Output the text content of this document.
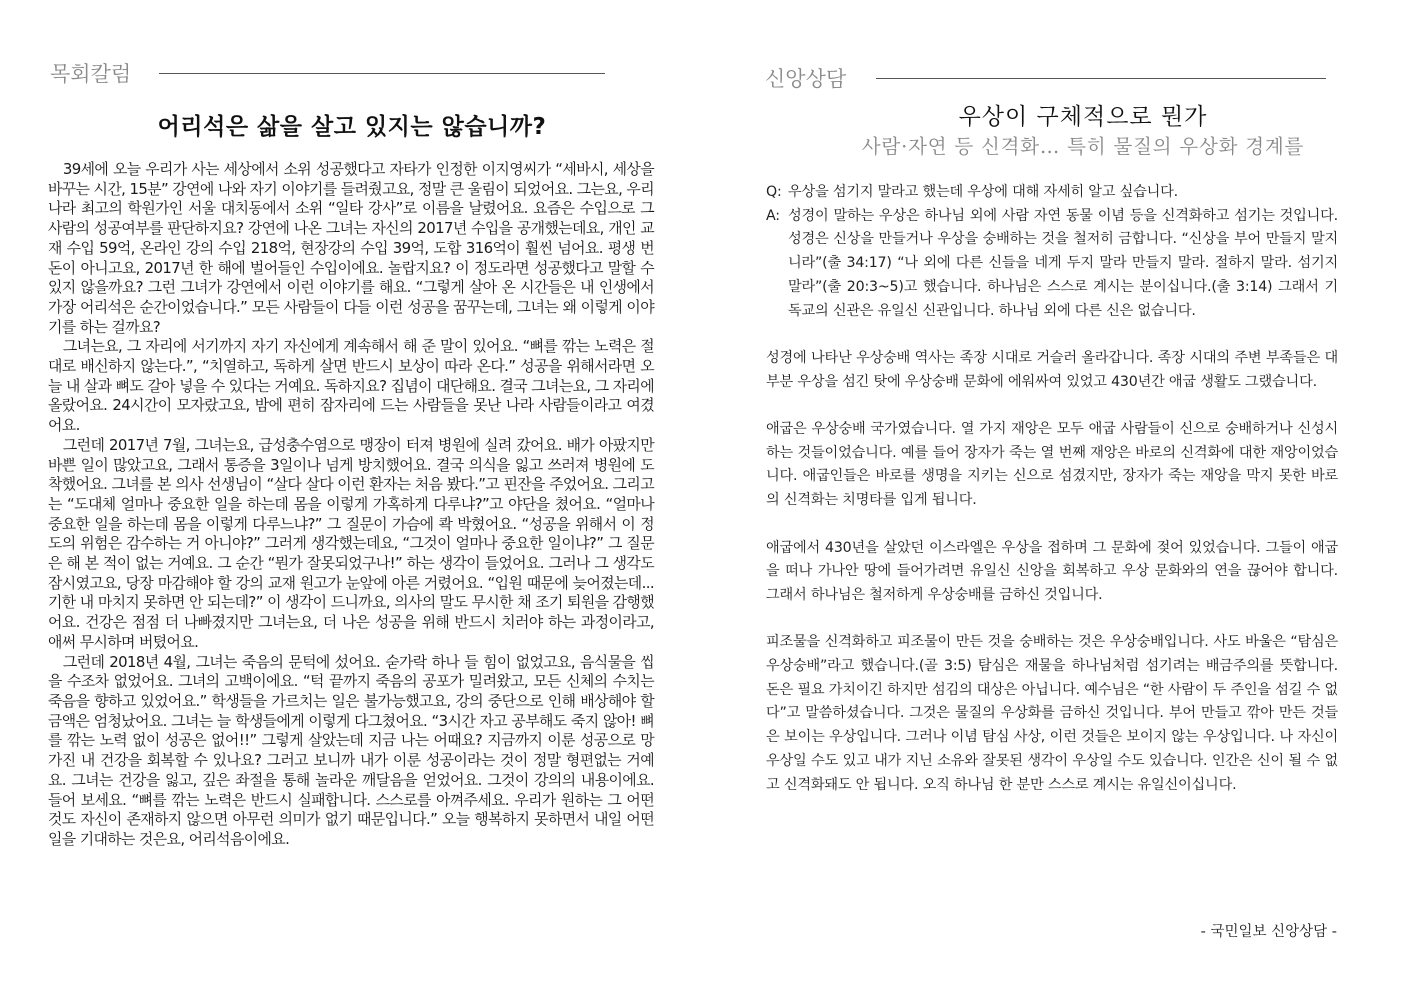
목회칼럼
어리석은 삶을 살고 있지는 않습니까?

39세에 오늘 우리가 사는 세상에서 소위 성공했다고 자타가 인정한 이지영씨가 “세바시, 세상을 바꾸는 시간, 15분” 강연에 나와 자기 이야기를 들려줬고요, 정말 큰 울림이 되었어요. 그는요, 우리나라 최고의 학원가인 서울 대치동에서 소위 “일타 강사”로 이름을 날렸어요. 요즘은 수입으로 그 사람의 성공여부를 판단하지요? 강연에 나온 그녀는 자신의 2017년 수입을 공개했는데요, 개인 교재 수입 59억, 온라인 강의 수입 218억, 현장강의 수입 39억, 도합 316억이 훨씬 넘어요. 평생 번 돈이 아니고요, 2017년 한 해에 벌어들인 수입이에요. 놀랍지요? 이 정도라면 성공했다고 말할 수 있지 않을까요? 그런 그녀가 강연에서 이런 이야기를 해요. “그렇게 살아 온 시간들은 내 인생에서 가장 어리석은 순간이었습니다.” 모든 사람들이 다들 이런 성공을 꿈꾸는데, 그녀는 왜 이렇게 이야기를 하는 걸까요?

그녀는요, 그 자리에 서기까지 자기 자신에게 계속해서 해 준 말이 있어요. “뼈를 깎는 노력은 절대로 배신하지 않는다.”, “치열하고, 독하게 살면 반드시 보상이 따라 온다.” 성공을 위해서라면 오늘 내 살과 뼈도 갈아 넣을 수 있다는 거예요. 독하지요? 집념이 대단해요. 결국 그녀는요, 그 자리에 올랐어요. 24시간이 모자랐고요, 밤에 편히 잠자리에 드는 사람들을 못난 나라 사람들이라고 여겼어요.

그런데 2017년 7월, 그녀는요, 급성충수염으로 맹장이 터져 병원에 실려 갔어요. 배가 아팠지만 바쁜 일이 많았고요, 그래서 통증을 3일이나 넘게 방치했어요. 결국 의식을 잃고 쓰러져 병원에 도착했어요. 그녀를 본 의사 선생님이 “살다 살다 이런 환자는 처음 봤다.”고 핀잔을 주었어요. 그리고는 “도대체 얼마나 중요한 일을 하는데 몸을 이렇게 가혹하게 다루냐?”고 야단을 쳤어요. “얼마나 중요한 일을 하는데 몸을 이렇게 다루느냐?” 그 질문이 가슴에 콱 박혔어요. “성공을 위해서 이 정도의 위험은 감수하는 거 아니야?” 그러게 생각했는데요, “그것이 얼마나 중요한 일이냐?” 그 질문은 해 본 적이 없는 거예요. 그 순간 “뭔가 잘못되었구나!” 하는 생각이 들었어요. 그러나 그 생각도 잠시였고요, 당장 마감해야 할 강의 교재 원고가 눈앞에 아른 거렸어요. “입원 때문에 늦어졌는데... 기한 내 마치지 못하면 안 되는데?” 이 생각이 드니까요, 의사의 말도 무시한 채 조기 퇴원을 감행했어요. 건강은 점점 더 나빠졌지만 그녀는요, 더 나은 성공을 위해 반드시 치러야 하는 과정이라고, 애써 무시하며 버텼어요.

그런데 2018년 4월, 그녀는 죽음의 문턱에 섰어요. 숟가락 하나 들 힘이 없었고요, 음식물을 씹을 수조차 없었어요. 그녀의 고백이에요. “턱 끝까지 죽음의 공포가 밀려왔고, 모든 신체의 수치는 죽음을 향하고 있었어요.” 학생들을 가르치는 일은 불가능했고요, 강의 중단으로 인해 배상해야 할 금액은 엄청났어요. 그녀는 늘 학생들에게 이렇게 다그쳤어요. “3시간 자고 공부해도 죽지 않아! 뼈를 깎는 노력 없이 성공은 없어!!” 그렇게 살았는데 지금 나는 어때요? 지금까지 이룬 성공으로 망가진 내 건강을 회복할 수 있나요? 그러고 보니까 내가 이룬 성공이라는 것이 정말 형편없는 거예요. 그녀는 건강을 잃고, 깊은 좌절을 통해 놀라운 깨달음을 얻었어요. 그것이 강의의 내용이에요. 들어 보세요. “뼈를 깎는 노력은 반드시 실패합니다. 스스로를 아껴주세요. 우리가 원하는 그 어떤 것도 자신이 존재하지 않으면 아무런 의미가 없기 때문입니다.” 오늘 행복하지 못하면서 내일 어떤 일을 기대하는 것은요, 어리석음이에요.

신앙상담
우상이 구체적으로 뭔가
사람·자연 등 신격화… 특히 물질의 우상화 경계를
Q: 우상을 섬기지 말라고 했는데 우상에 대해 자세히 알고 싶습니다.
A: 성경이 말하는 우상은 하나님 외에 사람 자연 동물 이념 등을 신격화하고 섬기는 것입니다. 성경은 신상을 만들거나 우상을 숭배하는 것을 철저히 금합니다. “신상을 부어 만들지 말지니라”(출 34:17) “나 외에 다른 신들을 네게 두지 말라 만들지 말라. 절하지 말라. 섬기지 말라”(출 20:3~5)고 했습니다. 하나님은 스스로 계시는 분이십니다.(출 3:14) 그래서 기독교의 신관은 유일신 신관입니다. 하나님 외에 다른 신은 없습니다.

성경에 나타난 우상숭배 역사는 족장 시대로 거슬러 올라갑니다. 족장 시대의 주변 부족들은 대부분 우상을 섬긴 탓에 우상숭배 문화에 에워싸여 있었고 430년간 애굽 생활도 그랬습니다.

애굽은 우상숭배 국가였습니다. 열 가지 재앙은 모두 애굽 사람들이 신으로 숭배하거나 신성시하는 것들이었습니다. 예를 들어 장자가 죽는 열 번째 재앙은 바로의 신격화에 대한 재앙이었습니다. 애굽인들은 바로를 생명을 지키는 신으로 섬겼지만, 장자가 죽는 재앙을 막지 못한 바로의 신격화는 치명타를 입게 됩니다.

애굽에서 430년을 살았던 이스라엘은 우상을 접하며 그 문화에 젖어 있었습니다. 그들이 애굽을 떠나 가나안 땅에 들어가려면 유일신 신앙을 회복하고 우상 문화와의 연을 끊어야 합니다. 그래서 하나님은 철저하게 우상숭배를 금하신 것입니다.

피조물을 신격화하고 피조물이 만든 것을 숭배하는 것은 우상숭배입니다. 사도 바울은 “탐심은 우상숭배”라고 했습니다.(골 3:5) 탐심은 재물을 하나님처럼 섬기려는 배금주의를 뜻합니다. 돈은 필요 가치이긴 하지만 섬김의 대상은 아닙니다. 예수님은 “한 사람이 두 주인을 섬길 수 없다”고 말씀하셨습니다. 그것은 물질의 우상화를 금하신 것입니다. 부어 만들고 깎아 만든 것들은 보이는 우상입니다. 그러나 이념 탐심 사상, 이런 것들은 보이지 않는 우상입니다. 나 자신이 우상일 수도 있고 내가 지닌 소유와 잘못된 생각이 우상일 수도 있습니다. 인간은 신이 될 수 없고 신격화돼도 안 됩니다. 오직 하나님 한 분만 스스로 계시는 유일신이십니다.

- 국민일보 신앙상담 -
